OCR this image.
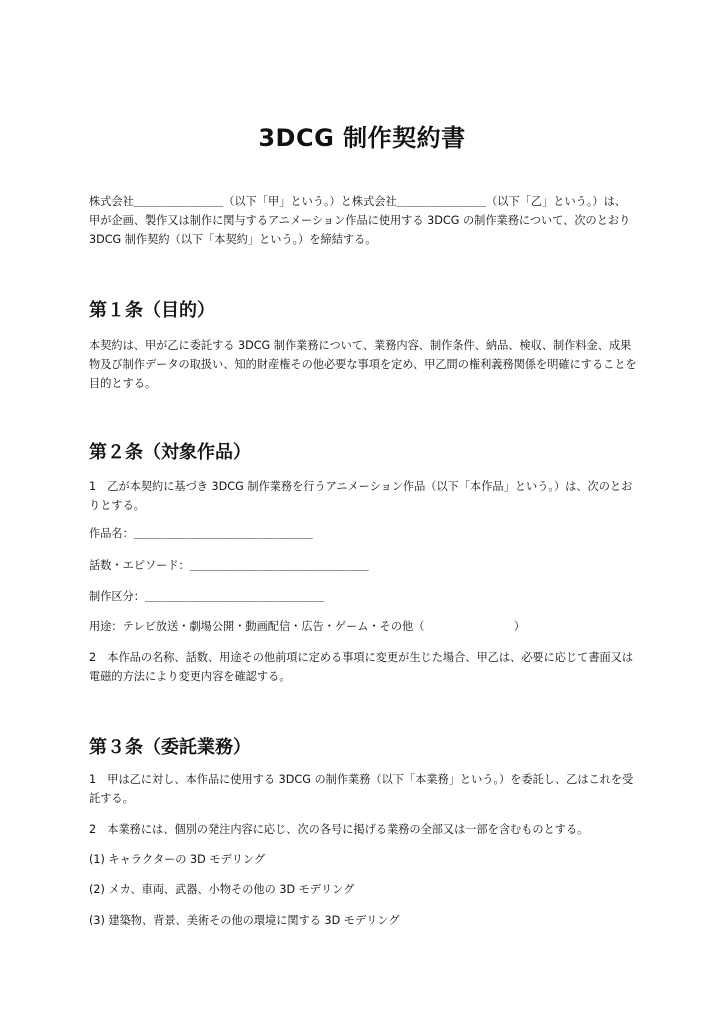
3DCG 制作契約書

株式会社＿＿＿＿＿＿＿＿（以下「甲」という。）と株式会社＿＿＿＿＿＿＿＿（以下「乙」という。）は、甲が企画、製作又は制作に関与するアニメーション作品に使用する 3DCG の制作業務について、次のとおり 3DCG 制作契約（以下「本契約」という。）を締結する。

第１条（目的）

本契約は、甲が乙に委託する 3DCG 制作業務について、業務内容、制作条件、納品、検収、制作料金、成果物及び制作データの取扱い、知的財産権その他必要な事項を定め、甲乙間の権利義務関係を明確にすることを目的とする。

第２条（対象作品）

1　乙が本契約に基づき 3DCG 制作業務を行うアニメーション作品（以下「本作品」という。）は、次のとおりとする。

作品名：＿＿＿＿＿＿＿＿＿＿＿＿＿＿＿＿

話数・エピソード：＿＿＿＿＿＿＿＿＿＿＿＿＿＿＿＿

制作区分：＿＿＿＿＿＿＿＿＿＿＿＿＿＿＿＿

用途：テレビ放送・劇場公開・動画配信・広告・ゲーム・その他（　　　　　　　　）

2　本作品の名称、話数、用途その他前項に定める事項に変更が生じた場合、甲乙は、必要に応じて書面又は電磁的方法により変更内容を確認する。

第３条（委託業務）

1　甲は乙に対し、本作品に使用する 3DCG の制作業務（以下「本業務」という。）を委託し、乙はこれを受託する。

2　本業務には、個別の発注内容に応じ、次の各号に掲げる業務の全部又は一部を含むものとする。

(1) キャラクターの 3D モデリング

(2) メカ、車両、武器、小物その他の 3D モデリング

(3) 建築物、背景、美術その他の環境に関する 3D モデリング
